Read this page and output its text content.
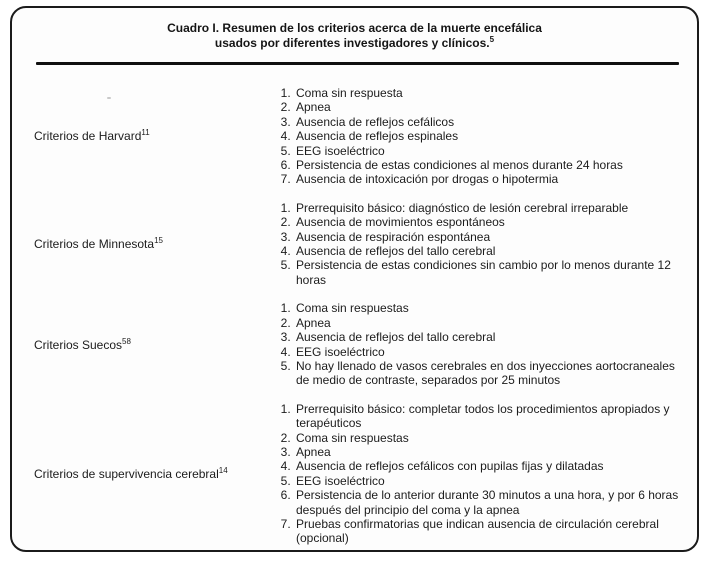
Cuadro I. Resumen de los criterios acerca de la muerte encefálica
usados por diferentes investigadores y clínicos.$^5$
Criterios de Harvard$^{11}$
1. Coma sin respuesta
2. Apnea
3. Ausencia de reflejos cefálicos
4. Ausencia de reflejos espinales
5. EEG isoeléctrico
6. Persistencia de estas condiciones al menos durante 24 horas
7. Ausencia de intoxicación por drogas o hipotermia
Criterios de Minnesota$^{15}$
1. Prerrequisito básico: diagnóstico de lesión cerebral irreparable
2. Ausencia de movimientos espontáneos
3. Ausencia de respiración espontánea
4. Ausencia de reflejos del tallo cerebral
5. Persistencia de estas condiciones sin cambio por lo menos durante 12 horas
Criterios Suecos$^{58}$
1. Coma sin respuestas
2. Apnea
3. Ausencia de reflejos del tallo cerebral
4. EEG isoeléctrico
5. No hay llenado de vasos cerebrales en dos inyecciones aortocraneales de medio de contraste, separados por 25 minutos
Criterios de supervivencia cerebral$^{14}$
1. Prerrequisito básico: completar todos los procedimientos apropiados y terapéuticos
2. Coma sin respuestas
3. Apnea
4. Ausencia de reflejos cefálicos con pupilas fijas y dilatadas
5. EEG isoeléctrico
6. Persistencia de lo anterior durante 30 minutos a una hora, y por 6 horas después del principio del coma y la apnea
7. Pruebas confirmatorias que indican ausencia de circulación cerebral (opcional)
